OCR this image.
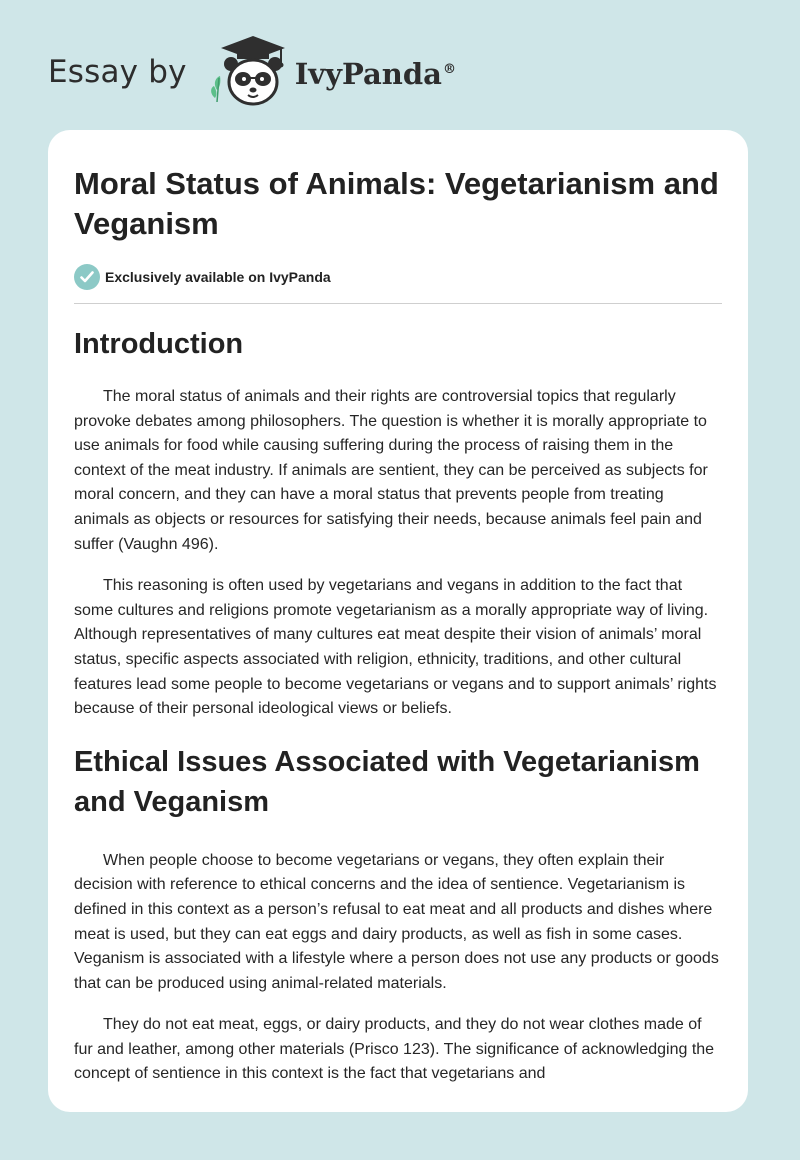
Essay by	IvyPanda®
Moral Status of Animals: Vegetarianism and Veganism
Exclusively available on IvyPanda
Introduction

The moral status of animals and their rights are controversial topics that regularly provoke debates among philosophers. The question is whether it is morally appropriate to use animals for food while causing suffering during the process of raising them in the context of the meat industry. If animals are sentient, they can be perceived as subjects for moral concern, and they can have a moral status that prevents people from treating animals as objects or resources for satisfying their needs, because animals feel pain and suffer (Vaughn 496).

This reasoning is often used by vegetarians and vegans in addition to the fact that some cultures and religions promote vegetarianism as a morally appropriate way of living. Although representatives of many cultures eat meat despite their vision of animals’ moral status, specific aspects associated with religion, ethnicity, traditions, and other cultural features lead some people to become vegetarians or vegans and to support animals’ rights because of their personal ideological views or beliefs.

Ethical Issues Associated with Vegetarianism and Veganism

When people choose to become vegetarians or vegans, they often explain their decision with reference to ethical concerns and the idea of sentience. Vegetarianism is defined in this context as a person’s refusal to eat meat and all products and dishes where meat is used, but they can eat eggs and dairy products, as well as fish in some cases. Veganism is associated with a lifestyle where a person does not use any products or goods that can be produced using animal-related materials.

They do not eat meat, eggs, or dairy products, and they do not wear clothes made of fur and leather, among other materials (Prisco 123). The significance of acknowledging the concept of sentience in this context is the fact that vegetarians and
